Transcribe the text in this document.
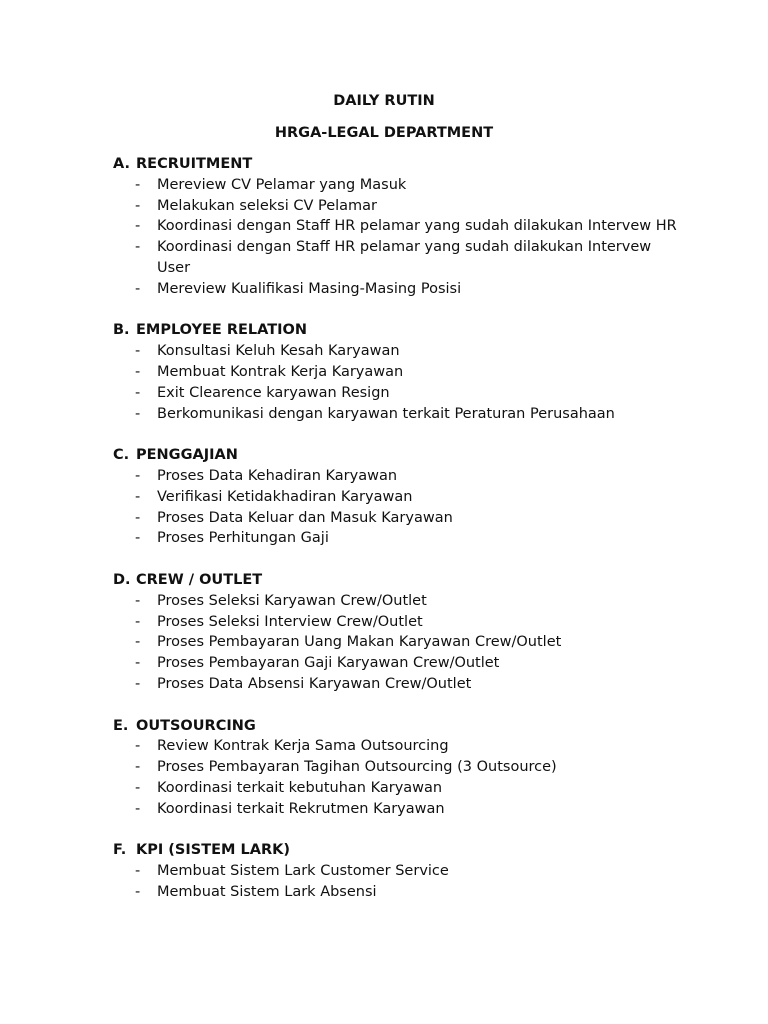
DAILY RUTIN
HRGA-LEGAL DEPARTMENT
A. RECRUITMENT
-	Mereview CV Pelamar yang Masuk
-	Melakukan seleksi CV Pelamar
-	Koordinasi dengan Staff HR pelamar yang sudah dilakukan Intervew HR
-	Koordinasi dengan Staff HR pelamar yang sudah dilakukan Intervew User
-	Mereview Kualifikasi Masing-Masing Posisi
B. EMPLOYEE RELATION
-	Konsultasi Keluh Kesah Karyawan
-	Membuat Kontrak Kerja Karyawan
-	Exit Clearence karyawan Resign
-	Berkomunikasi dengan karyawan terkait Peraturan Perusahaan
C. PENGGAJIAN
-	Proses Data Kehadiran Karyawan
-	Verifikasi Ketidakhadiran Karyawan
-	Proses Data Keluar dan Masuk Karyawan
-	Proses Perhitungan Gaji
D. CREW / OUTLET
-	Proses Seleksi Karyawan Crew/Outlet
-	Proses Seleksi Interview Crew/Outlet
-	Proses Pembayaran Uang Makan Karyawan Crew/Outlet
-	Proses Pembayaran Gaji Karyawan Crew/Outlet
-	Proses Data Absensi Karyawan Crew/Outlet
E. OUTSOURCING
-	Review Kontrak Kerja Sama Outsourcing
-	Proses Pembayaran Tagihan Outsourcing (3 Outsource)
-	Koordinasi terkait kebutuhan Karyawan
-	Koordinasi terkait Rekrutmen Karyawan
F. KPI (SISTEM LARK)
-	Membuat Sistem Lark Customer Service
-	Membuat Sistem Lark Absensi
